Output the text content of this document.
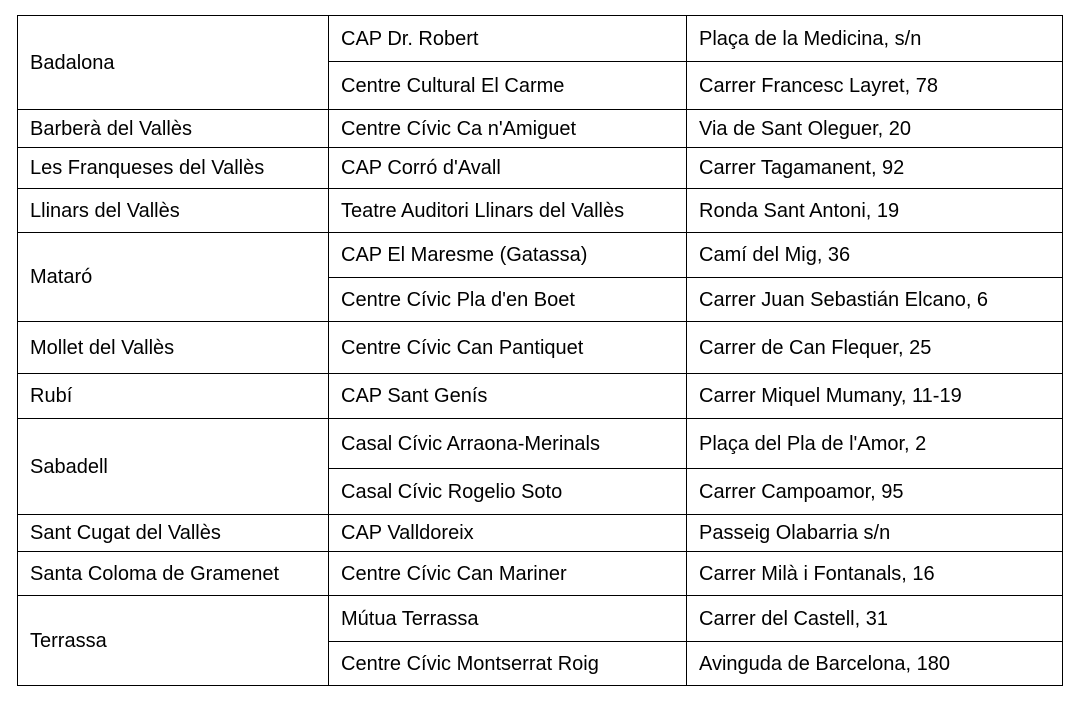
Badalona	CAP Dr. Robert	Plaça de la Medicina, s/n
	Centre Cultural El Carme	Carrer Francesc Layret, 78
Barberà del Vallès	Centre Cívic Ca n'Amiguet	Via de Sant Oleguer, 20
Les Franqueses del Vallès	CAP Corró d'Avall	Carrer Tagamanent, 92
Llinars del Vallès	Teatre Auditori Llinars del Vallès	Ronda Sant Antoni, 19
Mataró	CAP El Maresme (Gatassa)	Camí del Mig, 36
	Centre Cívic Pla d'en Boet	Carrer Juan Sebastián Elcano, 6
Mollet del Vallès	Centre Cívic Can Pantiquet	Carrer de Can Flequer, 25
Rubí	CAP Sant Genís	Carrer Miquel Mumany, 11-19
Sabadell	Casal Cívic Arraona-Merinals	Plaça del Pla de l'Amor, 2
	Casal Cívic Rogelio Soto	Carrer Campoamor, 95
Sant Cugat del Vallès	CAP Valldoreix	Passeig Olabarria s/n
Santa Coloma de Gramenet	Centre Cívic Can Mariner	Carrer Milà i Fontanals, 16
Terrassa	Mútua Terrassa	Carrer del Castell, 31
	Centre Cívic Montserrat Roig	Avinguda de Barcelona, 180
